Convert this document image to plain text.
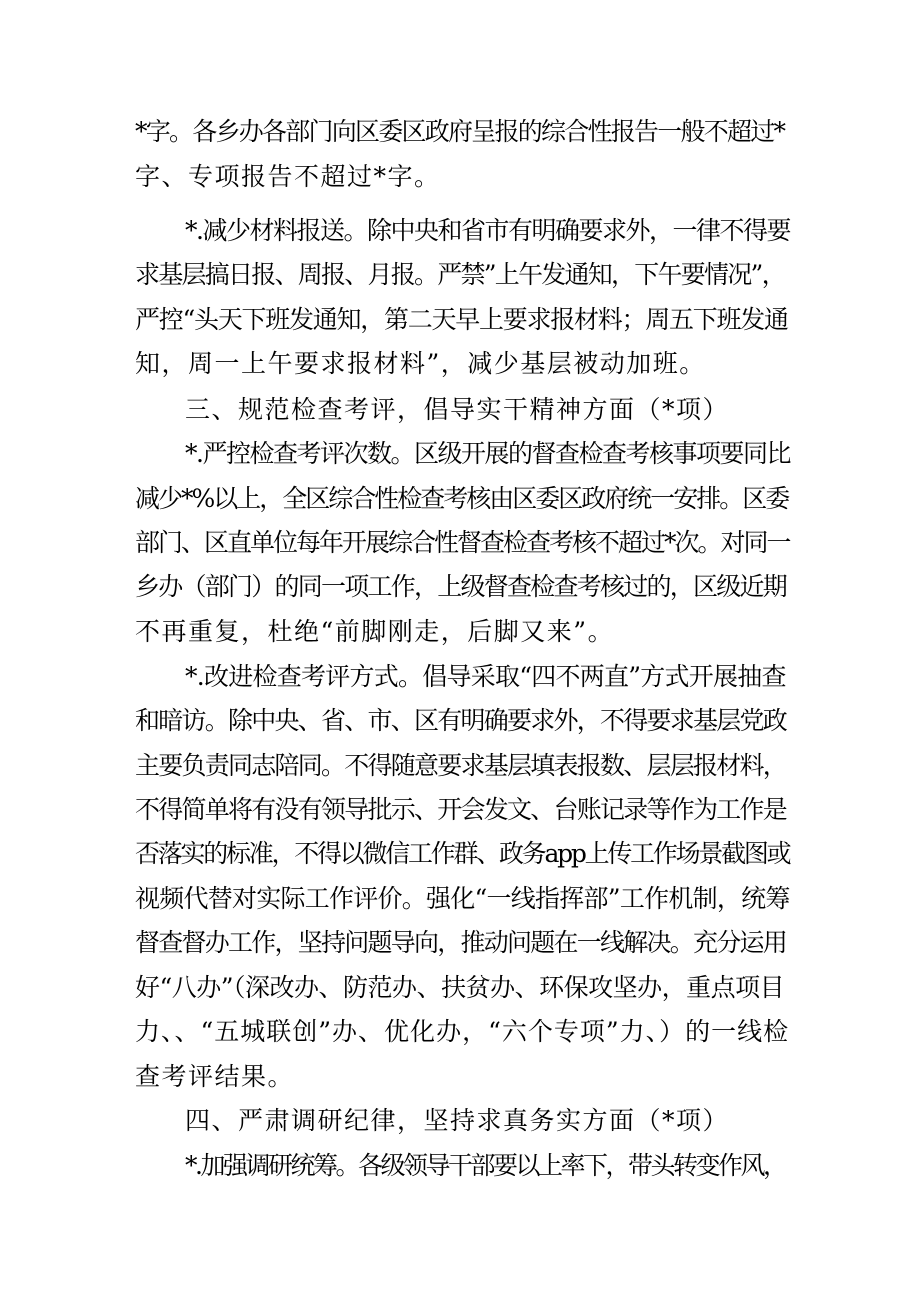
*字。各乡办各部门向区委区政府呈报的综合性报告一般不超过*
字、专项报告不超过*字。
*.减少材料报送。除中央和省市有明确要求外，一律不得要
求基层搞日报、周报、月报。严禁”上午发通知，下午要情况”，
严控“头天下班发通知，第二天早上要求报材料；周五下班发通
知，周一上午要求报材料”，减少基层被动加班。
三、规范检查考评，倡导实干精神方面（*项）
*.严控检查考评次数。区级开展的督查检查考核事项要同比
减少*%以上，全区综合性检查考核由区委区政府统一安排。区委
部门、区直单位每年开展综合性督查检查考核不超过*次。对同一
乡办（部门）的同一项工作，上级督查检查考核过的，区级近期
不再重复，杜绝“前脚刚走，后脚又来”。
*.改进检查考评方式。倡导采取“四不两直”方式开展抽查
和暗访。除中央、省、市、区有明确要求外，不得要求基层党政
主要负责同志陪同。不得随意要求基层填表报数、层层报材料，
不得简单将有没有领导批示、开会发文、台账记录等作为工作是
否落实的标准，不得以微信工作群、政务app上传工作场景截图或
视频代替对实际工作评价。强化“一线指挥部”工作机制，统筹
督查督办工作，坚持问题导向，推动问题在一线解决。充分运用
好“八办”（深改办、防范办、扶贫办、环保攻坚办，重点项目
力、、“五城联创”办、优化办，“六个专项”力、）的一线检
查考评结果。
四、严肃调研纪律，坚持求真务实方面（*项）
*.加强调研统筹。各级领导干部要以上率下，带头转变作风，
